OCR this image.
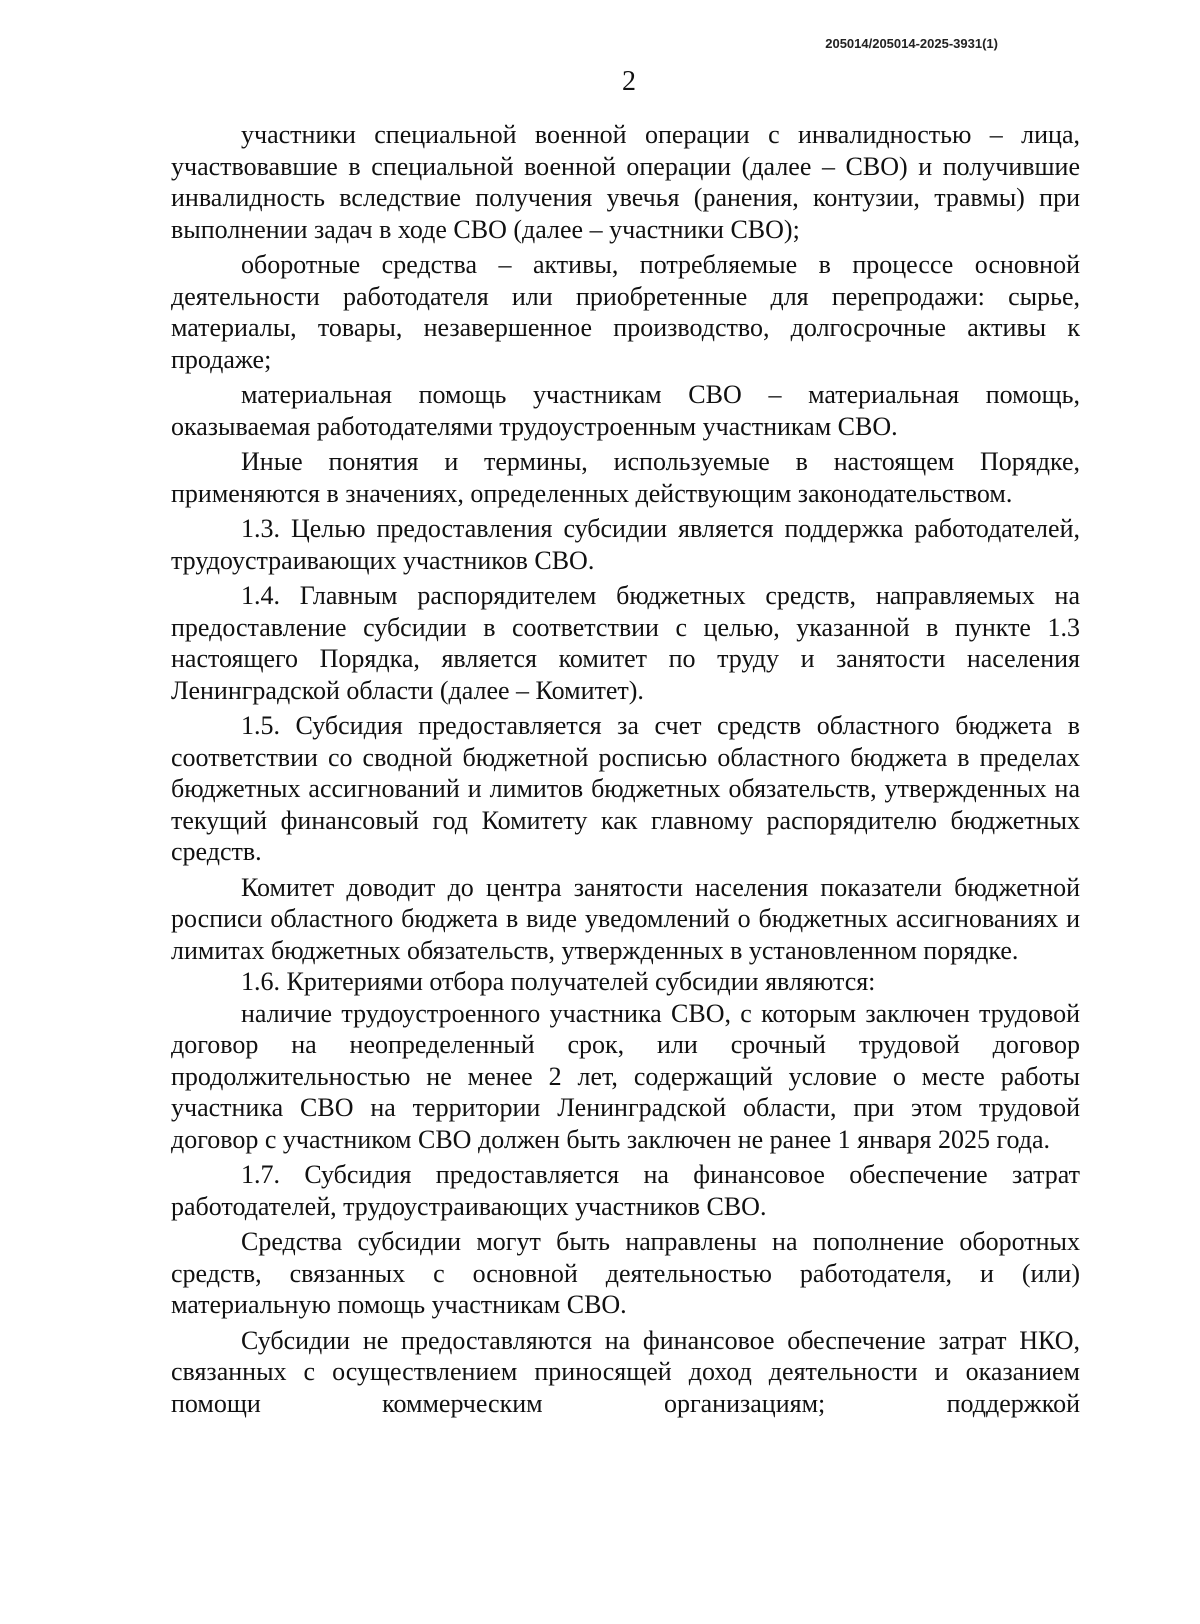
205014/205014-2025-3931(1)
2

участники специальной военной операции с инвалидностью – лица, участвовавшие в специальной военной операции (далее – СВО) и получившие инвалидность вследствие получения увечья (ранения, контузии, травмы) при выполнении задач в ходе СВО (далее – участники СВО);

оборотные средства – активы, потребляемые в процессе основной деятельности работодателя или приобретенные для перепродажи: сырье, материалы, товары, незавершенное производство, долгосрочные активы к продаже;

материальная помощь участникам СВО – материальная помощь, оказываемая работодателями трудоустроенным участникам СВО.

Иные понятия и термины, используемые в настоящем Порядке, применяются в значениях, определенных действующим законодательством.

1.3. Целью предоставления субсидии является поддержка работодателей, трудоустраивающих участников СВО.

1.4. Главным распорядителем бюджетных средств, направляемых на предоставление субсидии в соответствии с целью, указанной в пункте 1.3 настоящего Порядка, является комитет по труду и занятости населения Ленинградской области (далее – Комитет).

1.5. Субсидия предоставляется за счет средств областного бюджета в соответствии со сводной бюджетной росписью областного бюджета в пределах бюджетных ассигнований и лимитов бюджетных обязательств, утвержденных на текущий финансовый год Комитету как главному распорядителю бюджетных средств.

Комитет доводит до центра занятости населения показатели бюджетной росписи областного бюджета в виде уведомлений о бюджетных ассигнованиях и лимитах бюджетных обязательств, утвержденных в установленном порядке.

1.6. Критериями отбора получателей субсидии являются:

наличие трудоустроенного участника СВО, с которым заключен трудовой договор на неопределенный срок, или срочный трудовой договор продолжительностью не менее 2 лет, содержащий условие о месте работы участника СВО на территории Ленинградской области, при этом трудовой договор с участником СВО должен быть заключен не ранее 1 января 2025 года.

1.7. Субсидия предоставляется на финансовое обеспечение затрат работодателей, трудоустраивающих участников СВО.

Средства субсидии могут быть направлены на пополнение оборотных средств, связанных с основной деятельностью работодателя, и (или) материальную помощь участникам СВО.

Субсидии не предоставляются на финансовое обеспечение затрат НКО, связанных с осуществлением приносящей доход деятельности и оказанием помощи коммерческим организациям; поддержкой
